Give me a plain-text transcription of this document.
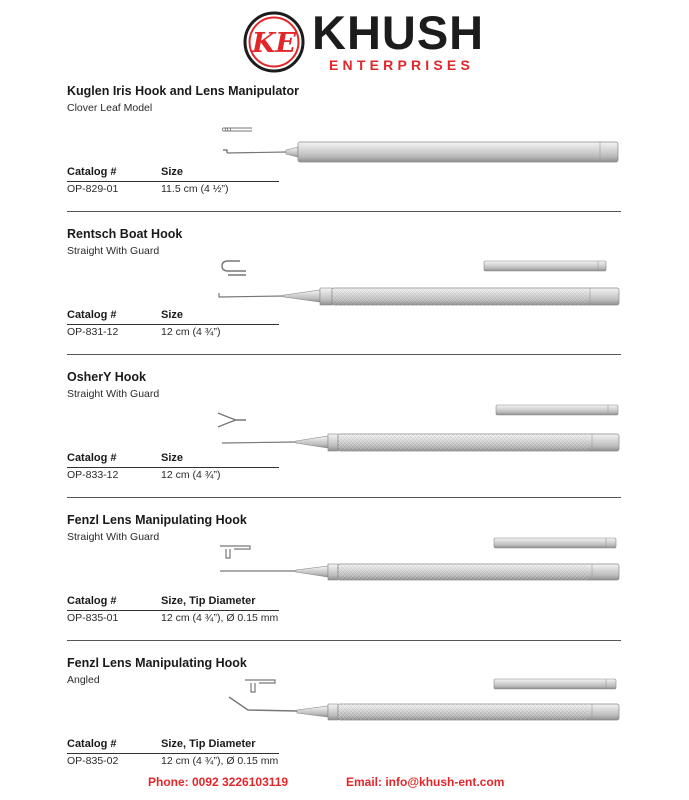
KE KHUSH
ENTERPRISES
Kuglen Iris Hook and Lens Manipulator
Clover Leaf Model
Catalog #	Size
OP-829-01	11.5 cm (4 ½”)
Rentsch Boat Hook
Straight With Guard
Catalog #	Size
OP-831-12	12 cm (4 ¾”)
OsherY Hook
Straight With Guard
Catalog #	Size
OP-833-12	12 cm (4 ¾”)
Fenzl Lens Manipulating Hook
Straight With Guard
Catalog #	Size, Tip Diameter
OP-835-01	12 cm (4 ¾”), Ø 0.15 mm
Fenzl Lens Manipulating Hook
Angled
Catalog #	Size, Tip Diameter
OP-835-02	12 cm (4 ¾”), Ø 0.15 mm
Phone: 0092 3226103119	Email: info@khush-ent.com
